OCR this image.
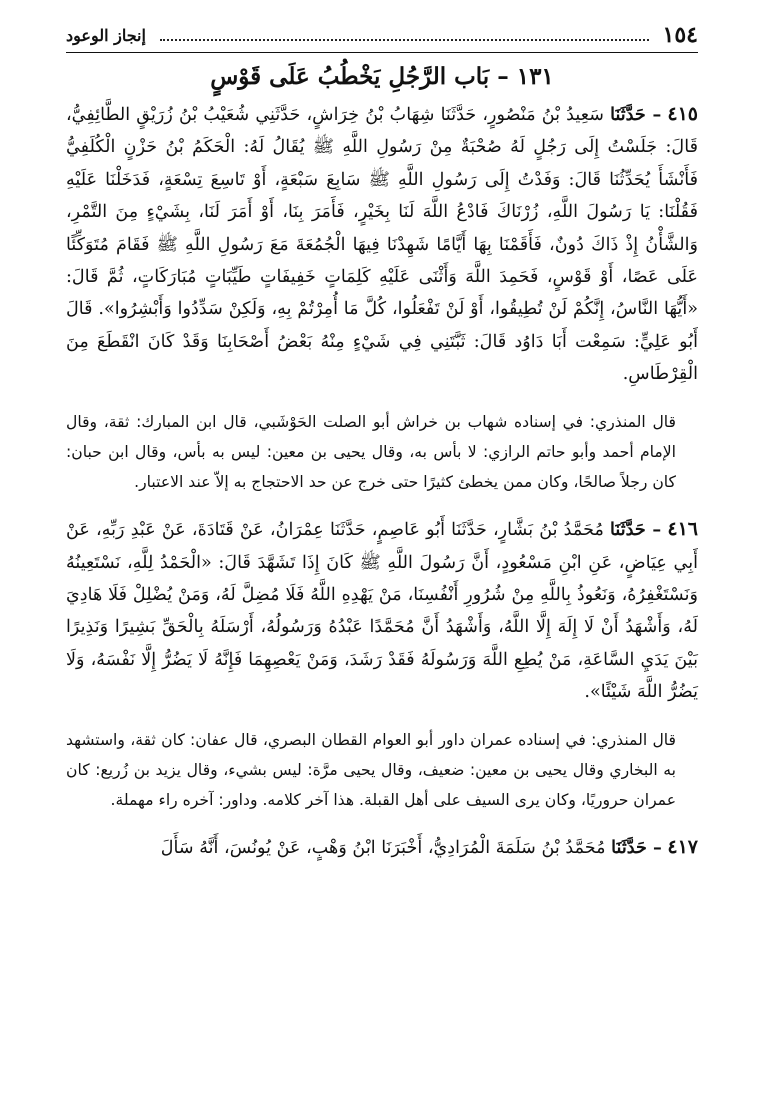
١٥٤
إنجاز الوعود
١٣١ – بَاب الرَّجُلِ يَخْطُبُ عَلَى قَوْسٍ

٤١٥ – حَدَّثَنَا سَعِيدُ بْنُ مَنْصُورٍ، حَدَّثَنَا شِهَابُ بْنُ خِرَاشٍ، حَدَّثَنِي شُعَيْبُ بْنُ زُرَيْقٍ الطَّائِفِيُّ، قَالَ: جَلَسْتُ إِلَى رَجُلٍ لَهُ صُحْبَةٌ مِنْ رَسُولِ اللَّهِ ﷺ يُقَالُ لَهُ: الْحَكَمُ بْنُ حَزْنٍ الْكُلَفِيُّ فَأَنْشَأَ يُحَدِّثُنَا قَالَ: وَفَدْتُ إِلَى رَسُولِ اللَّهِ ﷺ سَابِعَ سَبْعَةٍ، أَوْ تَاسِعَ تِسْعَةٍ، فَدَخَلْنَا عَلَيْهِ فَقُلْنَا: يَا رَسُولَ اللَّهِ، زُرْنَاكَ فَادْعُ اللَّهَ لَنَا بِخَيْرٍ، فَأَمَرَ بِنَا، أَوْ أَمَرَ لَنَا، بِشَيْءٍ مِنَ التَّمْرِ، وَالشَّأْنُ إِذْ ذَاكَ دُونٌ، فَأَقَمْنَا بِهَا أَيَّامًا شَهِدْنَا فِيهَا الْجُمُعَةَ مَعَ رَسُولِ اللَّهِ ﷺ فَقَامَ مُتَوَكِّئًا عَلَى عَصًا، أَوْ قَوْسٍ، فَحَمِدَ اللَّهَ وَأَثْنَى عَلَيْهِ كَلِمَاتٍ خَفِيفَاتٍ طَيِّبَاتٍ مُبَارَكَاتٍ، ثُمَّ قَالَ: «أَيُّهَا النَّاسُ، إِنَّكُمْ لَنْ تُطِيقُوا، أَوْ لَنْ تَفْعَلُوا، كُلَّ مَا أُمِرْتُمْ بِهِ، وَلَكِنْ سَدِّدُوا وَأَبْشِرُوا». قَالَ أَبُو عَلِيٍّ: سَمِعْت أَبَا دَاوُد قَالَ: ثَبَّتَنِي فِي شَيْءٍ مِنْهُ بَعْضُ أَصْحَابِنَا وَقَدْ كَانَ انْقَطَعَ مِنَ الْقِرْطَاسِ.

قال المنذري: في إسناده شهاب بن خراش أبو الصلت الحَوْشَبي، قال ابن المبارك: ثقة، وقال الإمام أحمد وأبو حاتم الرازي: لا بأس به، وقال يحيى بن معين: ليس به بأس، وقال ابن حبان: كان رجلاً صالحًا، وكان ممن يخطئ كثيرًا حتى خرج عن حد الاحتجاج به إلاّ عند الاعتبار.

٤١٦ – حَدَّثَنَا مُحَمَّدُ بْنُ بَشَّارٍ، حَدَّثَنَا أَبُو عَاصِمٍ، حَدَّثَنَا عِمْرَانُ، عَنْ قَتَادَةَ، عَنْ عَبْدِ رَبِّهِ، عَنْ أَبِي عِيَاضٍ، عَنِ ابْنِ مَسْعُودٍ، أَنَّ رَسُولَ اللَّهِ ﷺ كَانَ إِذَا تَشَهَّدَ قَالَ: «الْحَمْدُ لِلَّهِ، نَسْتَعِينُهُ وَنَسْتَغْفِرُهُ، وَنَعُوذُ بِاللَّهِ مِنْ شُرُورِ أَنْفُسِنَا، مَنْ يَهْدِهِ اللَّهُ فَلَا مُضِلَّ لَهُ، وَمَنْ يُضْلِلْ فَلَا هَادِيَ لَهُ، وَأَشْهَدُ أَنْ لَا إِلَهَ إِلَّا اللَّهُ، وَأَشْهَدُ أَنَّ مُحَمَّدًا عَبْدُهُ وَرَسُولُهُ، أَرْسَلَهُ بِالْحَقِّ بَشِيرًا وَنَذِيرًا بَيْنَ يَدَيِ السَّاعَةِ، مَنْ يُطِعِ اللَّهَ وَرَسُولَهُ فَقَدْ رَشَدَ، وَمَنْ يَعْصِهِمَا فَإِنَّهُ لَا يَضُرُّ إِلَّا نَفْسَهُ، وَلَا يَضُرُّ اللَّهَ شَيْئًا».

قال المنذري: في إسناده عمران داور أبو العوام القطان البصري، قال عفان: كان ثقة، واستشهد به البخاري وقال يحيى بن معين: ضعيف، وقال يحيى مرَّة: ليس بشيء، وقال يزيد بن زُريع: كان عمران حروريًا، وكان يرى السيف على أهل القبلة. هذا آخر كلامه. وداور: آخره راء مهملة.

٤١٧ – حَدَّثَنَا مُحَمَّدُ بْنُ سَلَمَةَ الْمُرَادِيُّ، أَخْبَرَنَا ابْنُ وَهْبٍ، عَنْ يُونُسَ، أَنَّهُ سَأَلَ
